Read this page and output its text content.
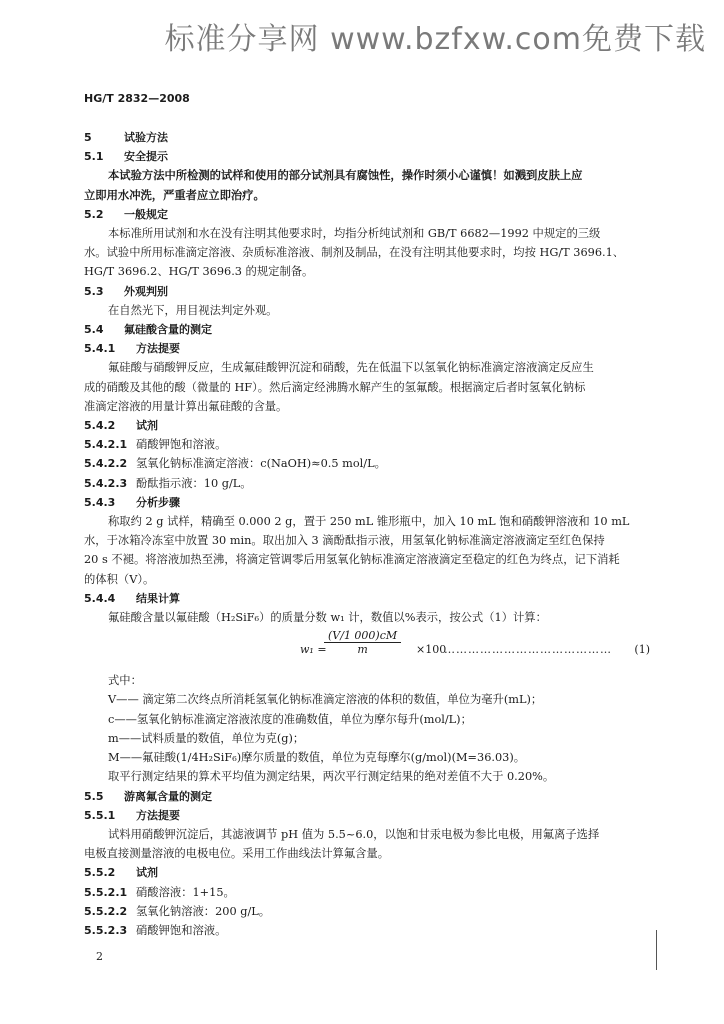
标准分享网 www.bzfxw.com免费下载
HG/T 2832—2008
5	试验方法
5.1 安全提示
本试验方法中所检测的试样和使用的部分试剂具有腐蚀性，操作时须小心谨慎！如溅到皮肤上应
立即用水冲洗，严重者应立即治疗。
5.2 一般规定
本标准所用试剂和水在没有注明其他要求时，均指分析纯试剂和 GB/T 6682—1992 中规定的三级
水。试验中所用标准滴定溶液、杂质标准溶液、制剂及制品，在没有注明其他要求时，均按 HG/T 3696.1、
HG/T 3696.2、HG/T 3696.3 的规定制备。
5.3 外观判别
在自然光下，用目视法判定外观。
5.4 氟硅酸含量的测定
5.4.1 方法提要
氟硅酸与硝酸钾反应，生成氟硅酸钾沉淀和硝酸，先在低温下以氢氧化钠标准滴定溶液滴定反应生
成的硝酸及其他的酸（微量的 HF）。然后滴定经沸腾水解产生的氢氟酸。根据滴定后者时氢氧化钠标
准滴定溶液的用量计算出氟硅酸的含量。
5.4.2 试剂
5.4.2.1 硝酸钾饱和溶液。
5.4.2.2 氢氧化钠标准滴定溶液：c(NaOH)≈0.5 mol/L。
5.4.2.3 酚酞指示液：10 g/L。
5.4.3 分析步骤
称取约 2 g 试样，精确至 0.000 2 g，置于 250 mL 锥形瓶中，加入 10 mL 饱和硝酸钾溶液和 10 mL
水，于冰箱冷冻室中放置 30 min。取出加入 3 滴酚酞指示液，用氢氧化钠标准滴定溶液滴定至红色保持
20 s 不褪。将溶液加热至沸，将滴定管调零后用氢氧化钠标准滴定溶液滴定至稳定的红色为终点，记下消耗
的体积（V）。
5.4.4 结果计算
氟硅酸含量以氟硅酸（H₂SiF₆）的质量分数 w₁ 计，数值以%表示，按公式（1）计算：
w₁ =
$\frac{(V/1 000)cM}{m} \times 100$
…………………………………… (1)
式中：
V—— 滴定第二次终点所消耗氢氧化钠标准滴定溶液的体积的数值，单位为毫升(mL)；
c——氢氧化钠标准滴定溶液浓度的准确数值，单位为摩尔每升(mol/L)；
m——试料质量的数值，单位为克(g)；
M——氟硅酸(1/4H₂SiF₆)摩尔质量的数值，单位为克每摩尔(g/mol)(M=36.03)。
取平行测定结果的算术平均值为测定结果，两次平行测定结果的绝对差值不大于 0.20%。
5.5 游离氟含量的测定
5.5.1 方法提要
试料用硝酸钾沉淀后，其滤液调节 pH 值为 5.5~6.0，以饱和甘汞电极为参比电极，用氟离子选择
电极直接测量溶液的电极电位。采用工作曲线法计算氟含量。
5.5.2 试剂
5.5.2.1 硝酸溶液：1+15。
5.5.2.2 氢氧化钠溶液：200 g/L。
5.5.2.3 硝酸钾饱和溶液。
2
